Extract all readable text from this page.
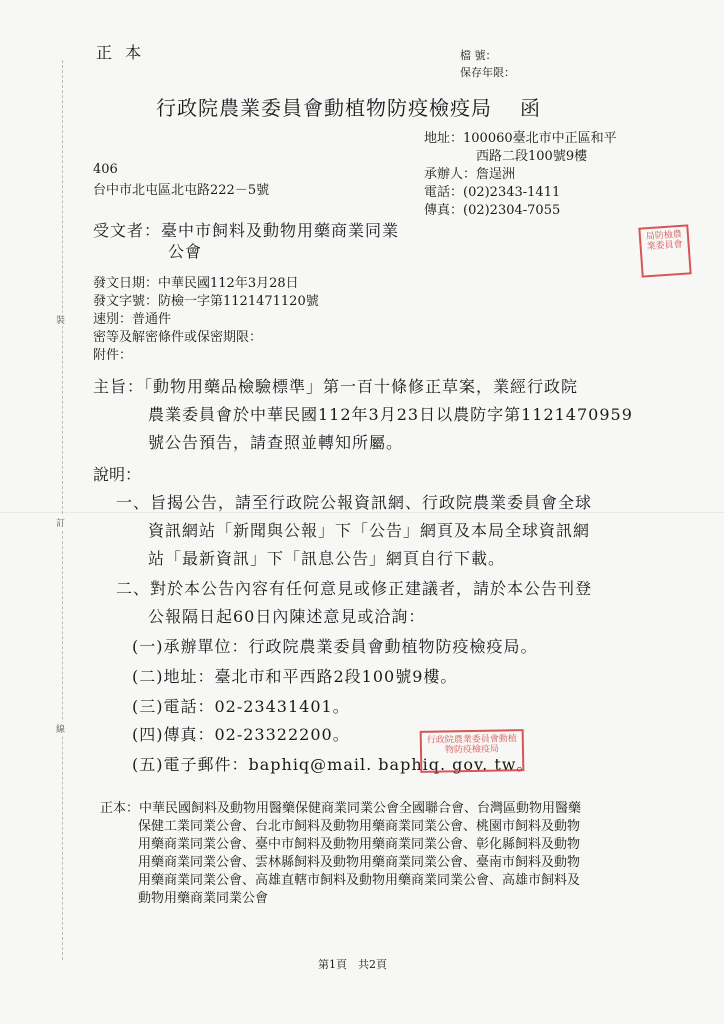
裝
訂
線
正 本	檔 號：
保存年限：
行政院農業委員會動植物防疫檢疫局 函
地址：100060臺北市中正區和平
西路二段100號9樓
承辦人：詹逞洲
電話：(02)2343-1411
傳真：(02)2304-7055
406
台中市北屯區北屯路222－5號
受文者：臺中市飼料及動物用藥商業同業
公會
局防檢農業委員會
發文日期：中華民國112年3月28日
發文字號：防檢一字第1121471120號
速別：普通件
密等及解密條件或保密期限：
附件：
主旨：「動物用藥品檢驗標準」第一百十條修正草案，業經行政院
農業委員會於中華民國112年3月23日以農防字第1121470959
號公告預告，請查照並轉知所屬。
說明：
一、旨揭公告，請至行政院公報資訊網、行政院農業委員會全球
資訊網站「新聞與公報」下「公告」網頁及本局全球資訊網
站「最新資訊」下「訊息公告」網頁自行下載。
二、對於本公告內容有任何意見或修正建議者，請於本公告刊登
公報隔日起60日內陳述意見或洽詢：
(一)承辦單位：行政院農業委員會動植物防疫檢疫局。
(二)地址：臺北市和平西路2段100號9樓。
(三)電話：02-23431401。
(四)傳真：02-23322200。
(五)電子郵件：baphiq@mail. baphiq. gov. tw。
行政院農業委員會動植物防疫檢疫局
正本：中華民國飼料及動物用醫藥保健商業同業公會全國聯合會、台灣區動物用醫藥
保健工業同業公會、台北市飼料及動物用藥商業同業公會、桃園市飼料及動物
用藥商業同業公會、臺中市飼料及動物用藥商業同業公會、彰化縣飼料及動物
用藥商業同業公會、雲林縣飼料及動物用藥商業同業公會、臺南市飼料及動物
用藥商業同業公會、高雄直轄市飼料及動物用藥商業同業公會、高雄市飼料及
動物用藥商業同業公會
第1頁　共2頁
